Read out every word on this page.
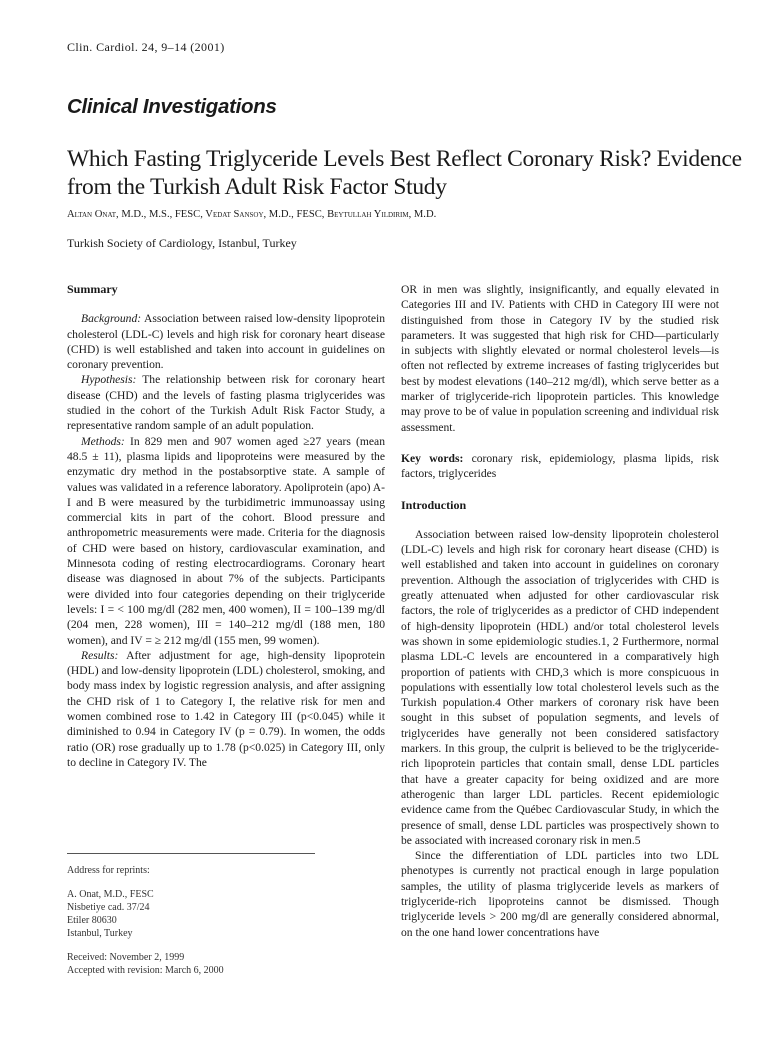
Clin. Cardiol. 24, 9–14 (2001)
Clinical Investigations
Which Fasting Triglyceride Levels Best Reflect Coronary Risk? Evidence from the Turkish Adult Risk Factor Study
Altan Onat, M.D., M.S., FESC, Vedat Sansoy, M.D., FESC, Beytullah Yildirim, M.D.
Turkish Society of Cardiology, Istanbul, Turkey

Summary

Background: Association between raised low-density lipoprotein cholesterol (LDL-C) levels and high risk for coronary heart disease (CHD) is well established and taken into account in guidelines on coronary prevention.

Hypothesis: The relationship between risk for coronary heart disease (CHD) and the levels of fasting plasma triglycerides was studied in the cohort of the Turkish Adult Risk Factor Study, a representative random sample of an adult population.

Methods: In 829 men and 907 women aged ≥27 years (mean 48.5 ± 11), plasma lipids and lipoproteins were measured by the enzymatic dry method in the postabsorptive state. A sample of values was validated in a reference laboratory. Apoliprotein (apo) A-I and B were measured by the turbidimetric immunoassay using commercial kits in part of the cohort. Blood pressure and anthropometric measurements were made. Criteria for the diagnosis of CHD were based on history, cardiovascular examination, and Minnesota coding of resting electrocardiograms. Coronary heart disease was diagnosed in about 7% of the subjects. Participants were divided into four categories depending on their triglyceride levels: I = < 100 mg/dl (282 men, 400 women), II = 100–139 mg/dl (204 men, 228 women), III = 140–212 mg/dl (188 men, 180 women), and IV = ≥ 212 mg/dl (155 men, 99 women).

Results: After adjustment for age, high-density lipoprotein (HDL) and low-density lipoprotein (LDL) cholesterol, smoking, and body mass index by logistic regression analysis, and after assigning the CHD risk of 1 to Category I, the relative risk for men and women combined rose to 1.42 in Category III (p<0.045) while it diminished to 0.94 in Category IV (p = 0.79). In women, the odds ratio (OR) rose gradually up to 1.78 (p<0.025) in Category III, only to decline in Category IV. The

OR in men was slightly, insignificantly, and equally elevated in Categories III and IV. Patients with CHD in Category III were not distinguished from those in Category IV by the studied risk parameters. It was suggested that high risk for CHD—particularly in subjects with slightly elevated or normal cholesterol levels—is often not reflected by extreme increases of fasting triglycerides but best by modest elevations (140–212 mg/dl), which serve better as a marker of triglyceride-rich lipoprotein particles. This knowledge may prove to be of value in population screening and individual risk assessment.

Key words: coronary risk, epidemiology, plasma lipids, risk factors, triglycerides

Introduction

Association between raised low-density lipoprotein cholesterol (LDL-C) levels and high risk for coronary heart disease (CHD) is well established and taken into account in guidelines on coronary prevention. Although the association of triglycerides with CHD is greatly attenuated when adjusted for other cardiovascular risk factors, the role of triglycerides as a predictor of CHD independent of high-density lipoprotein (HDL) and/or total cholesterol levels was shown in some epidemiologic studies.1, 2 Furthermore, normal plasma LDL-C levels are encountered in a comparatively high proportion of patients with CHD,3 which is more conspicuous in populations with essentially low total cholesterol levels such as the Turkish population.4 Other markers of coronary risk have been sought in this subset of population segments, and levels of triglycerides have generally not been considered satisfactory markers. In this group, the culprit is believed to be the triglyceride-rich lipoprotein particles that contain small, dense LDL particles that have a greater capacity for being oxidized and are more atherogenic than larger LDL particles. Recent epidemiologic evidence came from the Québec Cardiovascular Study, in which the presence of small, dense LDL particles was prospectively shown to be associated with increased coronary risk in men.5

Since the differentiation of LDL particles into two LDL phenotypes is currently not practical enough in large population samples, the utility of plasma triglyceride levels as markers of triglyceride-rich lipoproteins cannot be dismissed. Though triglyceride levels > 200 mg/dl are generally considered abnormal, on the one hand lower concentrations have

Address for reprints:
A. Onat, M.D., FESC
Nisbetiye cad. 37/24
Etiler 80630
Istanbul, Turkey
Received: November 2, 1999
Accepted with revision: March 6, 2000
